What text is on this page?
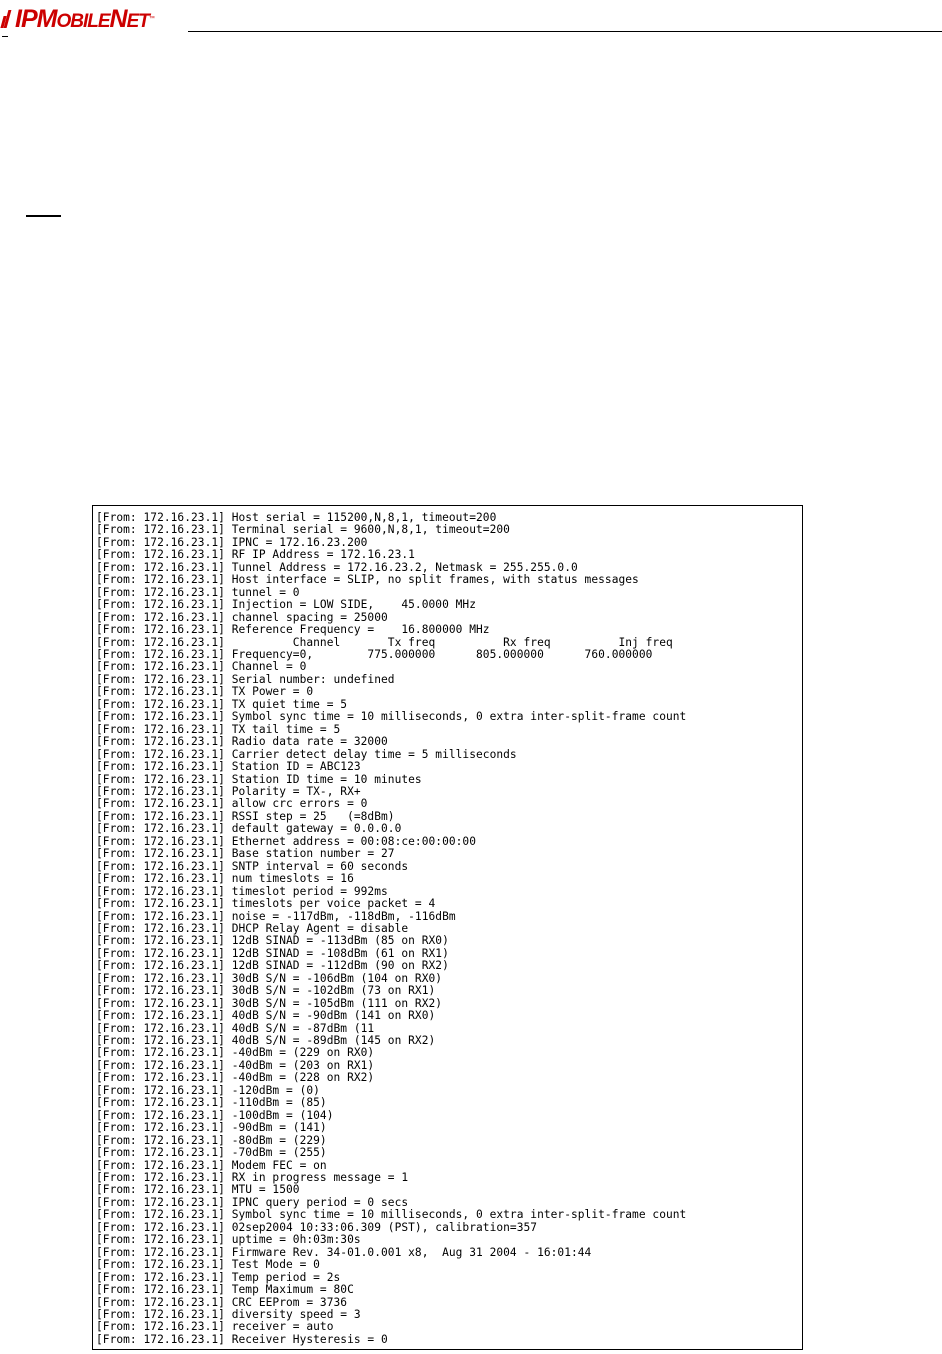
IPMOBILENET ™
[From: 172.16.23.1] Host serial = 115200,N,8,1, timeout=200
[From: 172.16.23.1] Terminal serial = 9600,N,8,1, timeout=200
[From: 172.16.23.1] IPNC = 172.16.23.200
[From: 172.16.23.1] RF IP Address = 172.16.23.1
[From: 172.16.23.1] Tunnel Address = 172.16.23.2, Netmask = 255.255.0.0
[From: 172.16.23.1] Host interface = SLIP, no split frames, with status messages
[From: 172.16.23.1] tunnel = 0
[From: 172.16.23.1] Injection = LOW SIDE,    45.0000 MHz
[From: 172.16.23.1] channel spacing = 25000
[From: 172.16.23.1] Reference Frequency =    16.800000 MHz
[From: 172.16.23.1]          Channel       Tx freq          Rx freq          Inj freq
[From: 172.16.23.1] Frequency=0,        775.000000      805.000000      760.000000
[From: 172.16.23.1] Channel = 0
[From: 172.16.23.1] Serial number: undefined
[From: 172.16.23.1] TX Power = 0
[From: 172.16.23.1] TX quiet time = 5
[From: 172.16.23.1] Symbol sync time = 10 milliseconds, 0 extra inter-split-frame count
[From: 172.16.23.1] TX tail time = 5
[From: 172.16.23.1] Radio data rate = 32000
[From: 172.16.23.1] Carrier detect delay time = 5 milliseconds
[From: 172.16.23.1] Station ID = ABC123
[From: 172.16.23.1] Station ID time = 10 minutes
[From: 172.16.23.1] Polarity = TX-, RX+
[From: 172.16.23.1] allow crc errors = 0
[From: 172.16.23.1] RSSI step = 25   (=8dBm)
[From: 172.16.23.1] default gateway = 0.0.0.0
[From: 172.16.23.1] Ethernet address = 00:08:ce:00:00:00
[From: 172.16.23.1] Base station number = 27
[From: 172.16.23.1] SNTP interval = 60 seconds
[From: 172.16.23.1] num timeslots = 16
[From: 172.16.23.1] timeslot period = 992ms
[From: 172.16.23.1] timeslots per voice packet = 4
[From: 172.16.23.1] noise = -117dBm, -118dBm, -116dBm
[From: 172.16.23.1] DHCP Relay Agent = disable
[From: 172.16.23.1] 12dB SINAD = -113dBm (85 on RX0)
[From: 172.16.23.1] 12dB SINAD = -108dBm (61 on RX1)
[From: 172.16.23.1] 12dB SINAD = -112dBm (90 on RX2)
[From: 172.16.23.1] 30dB S/N = -106dBm (104 on RX0)
[From: 172.16.23.1] 30dB S/N = -102dBm (73 on RX1)
[From: 172.16.23.1] 30dB S/N = -105dBm (111 on RX2)
[From: 172.16.23.1] 40dB S/N = -90dBm (141 on RX0)
[From: 172.16.23.1] 40dB S/N = -87dBm (11
[From: 172.16.23.1] 40dB S/N = -89dBm (145 on RX2)
[From: 172.16.23.1] -40dBm = (229 on RX0)
[From: 172.16.23.1] -40dBm = (203 on RX1)
[From: 172.16.23.1] -40dBm = (228 on RX2)
[From: 172.16.23.1] -120dBm = (0)
[From: 172.16.23.1] -110dBm = (85)
[From: 172.16.23.1] -100dBm = (104)
[From: 172.16.23.1] -90dBm = (141)
[From: 172.16.23.1] -80dBm = (229)
[From: 172.16.23.1] -70dBm = (255)
[From: 172.16.23.1] Modem FEC = on
[From: 172.16.23.1] RX in progress message = 1
[From: 172.16.23.1] MTU = 1500
[From: 172.16.23.1] IPNC query period = 0 secs
[From: 172.16.23.1] Symbol sync time = 10 milliseconds, 0 extra inter-split-frame count
[From: 172.16.23.1] 02sep2004 10:33:06.309 (PST), calibration=357
[From: 172.16.23.1] uptime = 0h:03m:30s
[From: 172.16.23.1] Firmware Rev. 34-01.0.001 x8,  Aug 31 2004 - 16:01:44
[From: 172.16.23.1] Test Mode = 0
[From: 172.16.23.1] Temp period = 2s
[From: 172.16.23.1] Temp Maximum = 80C
[From: 172.16.23.1] CRC EEProm = 3736
[From: 172.16.23.1] diversity speed = 3
[From: 172.16.23.1] receiver = auto
[From: 172.16.23.1] Receiver Hysteresis = 0
